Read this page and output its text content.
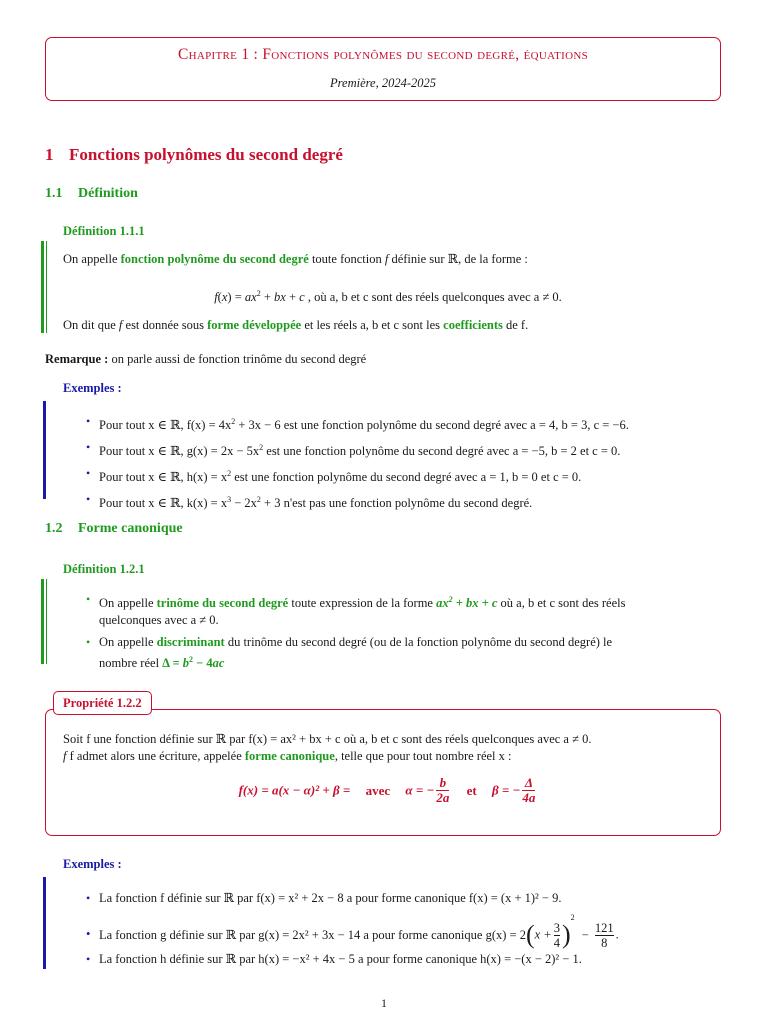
Chapitre 1 : Fonctions polynômes du second degré, équations
Première, 2024-2025
1 Fonctions polynômes du second degré
1.1 Définition
Définition 1.1.1
On appelle fonction polynôme du second degré toute fonction f définie sur ℝ, de la forme :
$f(x) = ax^2$ + bx + c , où a, b et c sont des réels quelconques avec a ≠ 0.
On dit que f est donnée sous forme développée et les réels a, b et c sont les coefficients de f.
Remarque : on parle aussi de fonction trinôme du second degré
Exemples :
• Pour tout x ∈ ℝ, $f(x) = 4x^2 + 3x - 6$ est une fonction polynôme du second degré avec a = 4, b = 3, c = −6.
• Pour tout x ∈ ℝ, $g(x) = 2x - 5x^2$ est une fonction polynôme du second degré avec a = −5, b = 2 et c = 0.
• Pour tout x ∈ ℝ, $h(x) = x^2$ est une fonction polynôme du second degré avec a = 1, b = 0 et c = 0.
• Pour tout x ∈ ℝ, $k(x) = x^3 - 2x^2 + 3$ n'est pas une fonction polynôme du second degré.
1.2 Forme canonique
Définition 1.2.1
• On appelle trinôme du second degré toute expression de la forme $ax^2$ + bx + c où a, b et c sont des réels
quelconques avec a ≠ 0.
• On appelle discriminant du trinôme du second degré (ou de la fonction polynôme du second degré) le
nombre réel $\Delta = b^2 - 4ac$
Propriété 1.2.2
Soit f une fonction définie sur ℝ par f(x) = ax² + bx + c où a, b et c sont des réels quelconques avec a ≠ 0.
f f admet alors une écriture, appelée forme canonique, telle que pour tout nombre réel x :
f(x) = a(x − α)² + β = avec α = − $\frac{b}{2a}$ et β = − $\frac{\Delta}{4a}$
Exemples :
• La fonction f définie sur ℝ par f(x) = x² + 2x − 8 a pour forme canonique f(x) = (x + 1)² − 9.
• La fonction g définie sur ℝ par g(x) = 2x² + 3x − 14 a pour forme canonique $g(x) = 2(x + \frac{3}{4} )^2 - \frac{121}{8}$ .
• La fonction h définie sur ℝ par h(x) = −x² + 4x − 5 a pour forme canonique h(x) = −(x − 2)² − 1.
1
